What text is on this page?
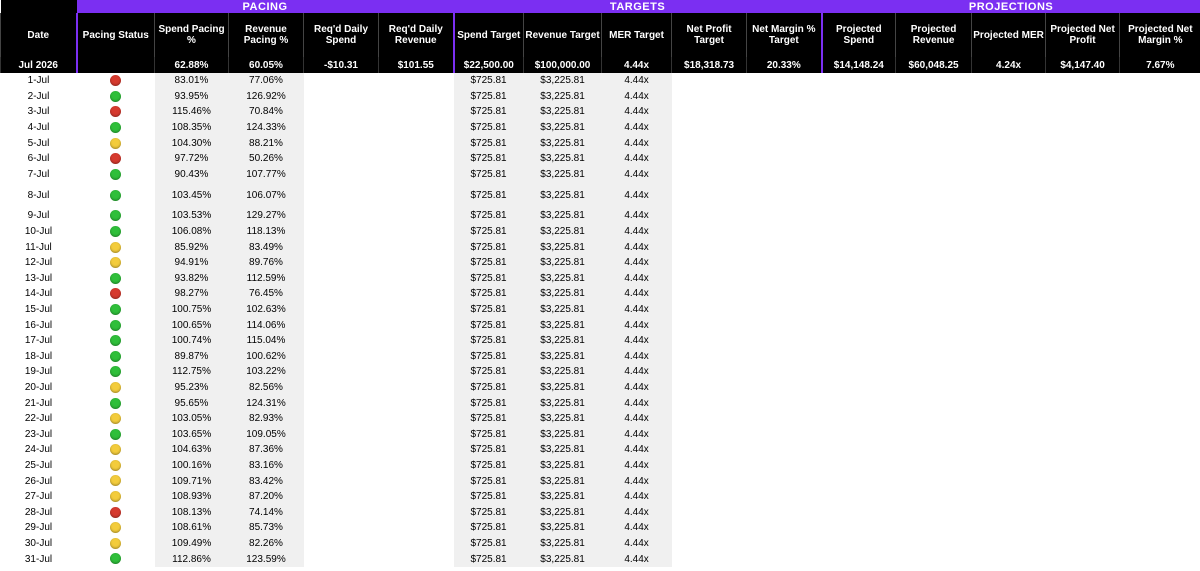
	PACING					TARGETS					PROJECTIONS				
Date	Pacing Status	Spend Pacing %	Revenue Pacing %	Req'd Daily Spend	Req'd Daily Revenue	Spend Target	Revenue Target	MER Target	Net Profit Target	Net Margin % Target	Projected Spend	Projected Revenue	Projected MER	Projected Net Profit	Projected Net Margin %
Jul 2026		62.88%	60.05%	-$10.31	$101.55	$22,500.00	$100,000.00	4.44x	$18,318.73	20.33%	$14,148.24	$60,048.25	4.24x	$4,147.40	7.67%
1-Jul		83.01%	77.06%			$725.81	$3,225.81	4.44x							
2-Jul		93.95%	126.92%			$725.81	$3,225.81	4.44x							
3-Jul		115.46%	70.84%			$725.81	$3,225.81	4.44x							
4-Jul		108.35%	124.33%			$725.81	$3,225.81	4.44x							
5-Jul		104.30%	88.21%			$725.81	$3,225.81	4.44x							
6-Jul		97.72%	50.26%			$725.81	$3,225.81	4.44x							
7-Jul		90.43%	107.77%			$725.81	$3,225.81	4.44x							
8-Jul		103.45%	106.07%			$725.81	$3,225.81	4.44x							
9-Jul		103.53%	129.27%			$725.81	$3,225.81	4.44x							
10-Jul		106.08%	118.13%			$725.81	$3,225.81	4.44x							
11-Jul		85.92%	83.49%			$725.81	$3,225.81	4.44x							
12-Jul		94.91%	89.76%			$725.81	$3,225.81	4.44x							
13-Jul		93.82%	112.59%			$725.81	$3,225.81	4.44x							
14-Jul		98.27%	76.45%			$725.81	$3,225.81	4.44x							
15-Jul		100.75%	102.63%			$725.81	$3,225.81	4.44x							
16-Jul		100.65%	114.06%			$725.81	$3,225.81	4.44x							
17-Jul		100.74%	115.04%			$725.81	$3,225.81	4.44x							
18-Jul		89.87%	100.62%			$725.81	$3,225.81	4.44x							
19-Jul		112.75%	103.22%			$725.81	$3,225.81	4.44x							
20-Jul		95.23%	82.56%			$725.81	$3,225.81	4.44x							
21-Jul		95.65%	124.31%			$725.81	$3,225.81	4.44x							
22-Jul		103.05%	82.93%			$725.81	$3,225.81	4.44x							
23-Jul		103.65%	109.05%			$725.81	$3,225.81	4.44x							
24-Jul		104.63%	87.36%			$725.81	$3,225.81	4.44x							
25-Jul		100.16%	83.16%			$725.81	$3,225.81	4.44x							
26-Jul		109.71%	83.42%			$725.81	$3,225.81	4.44x							
27-Jul		108.93%	87.20%			$725.81	$3,225.81	4.44x							
28-Jul		108.13%	74.14%			$725.81	$3,225.81	4.44x							
29-Jul		108.61%	85.73%			$725.81	$3,225.81	4.44x							
30-Jul		109.49%	82.26%			$725.81	$3,225.81	4.44x							
31-Jul		112.86%	123.59%			$725.81	$3,225.81	4.44x							
